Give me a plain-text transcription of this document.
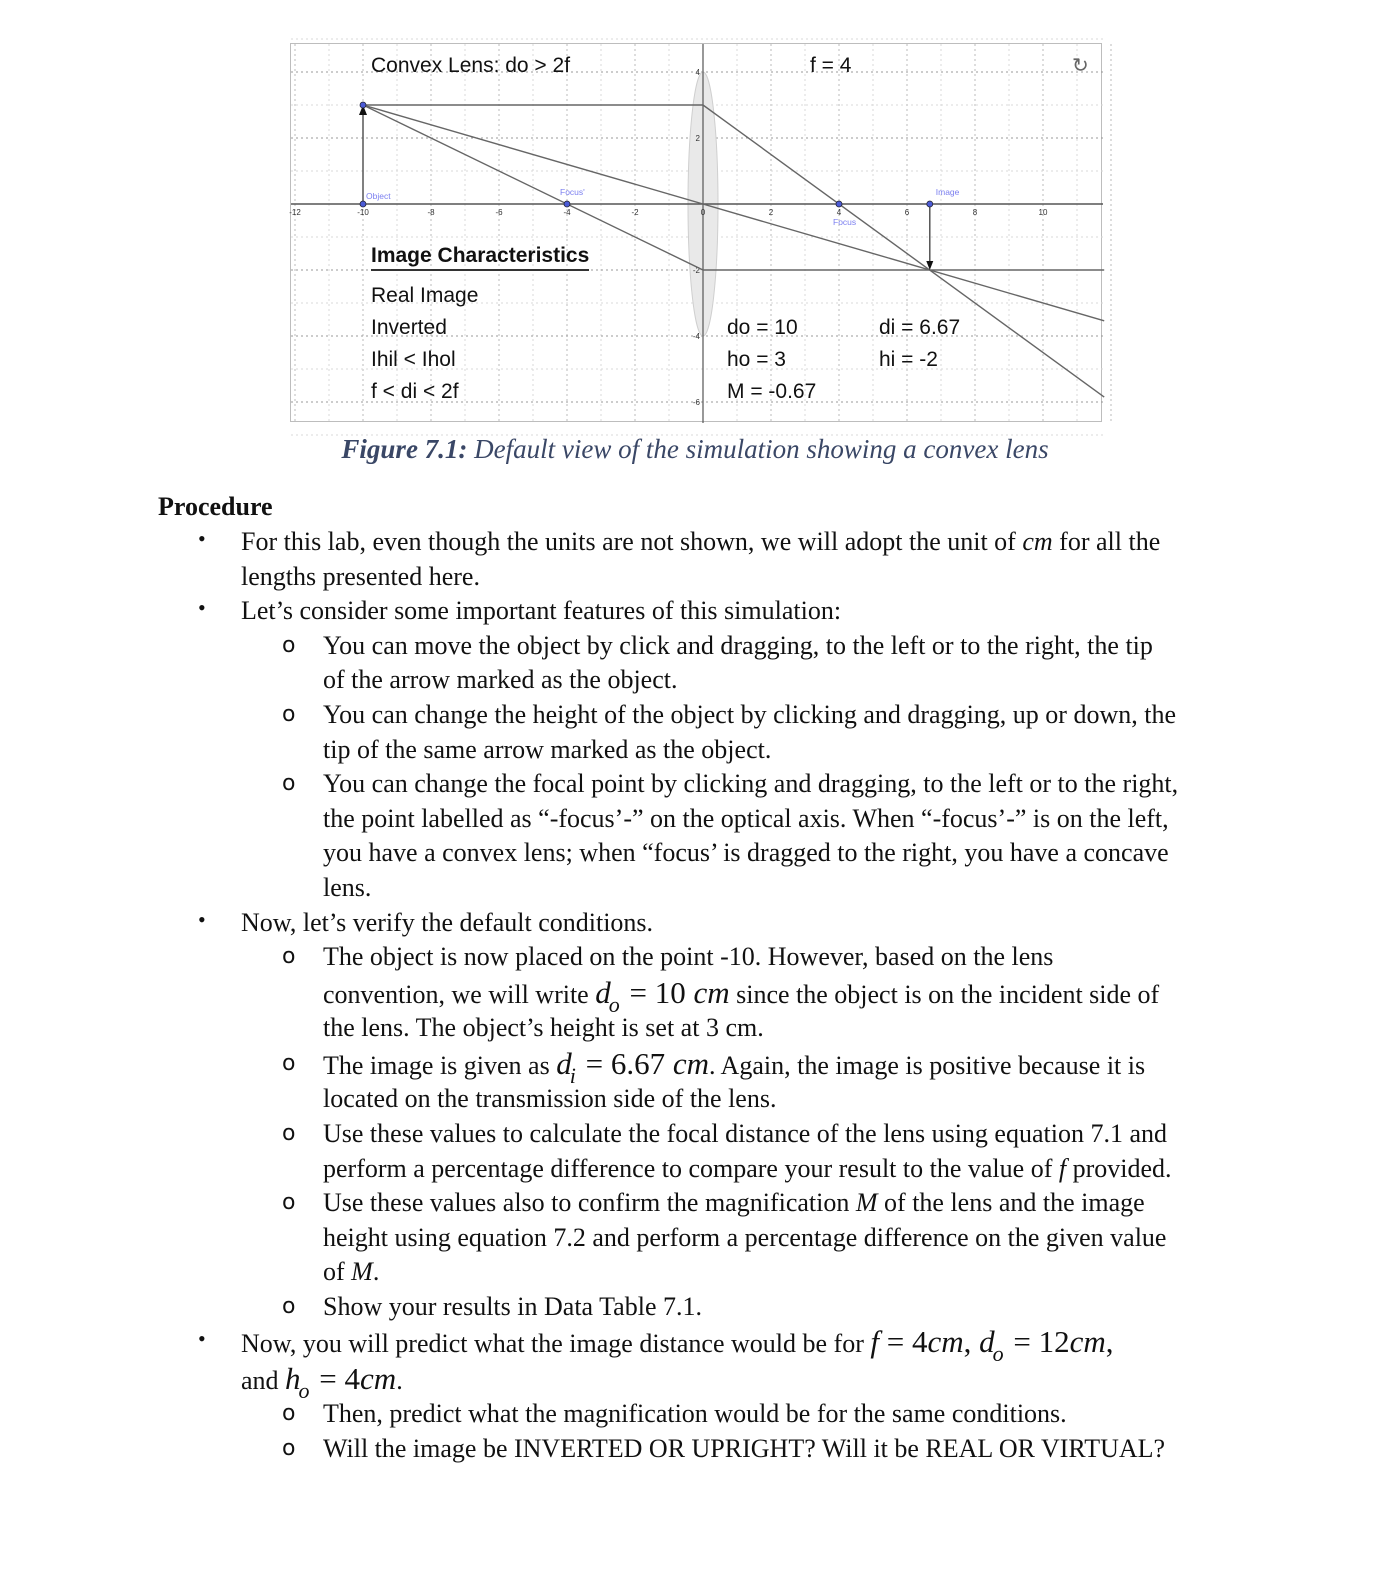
-12	-10	-8	-6	-4	-2	0	2	4	6	8	10
4
2
-2
-4
-6
Object	Focus'
Focus
Image
Convex Lens: do > 2f	f = 4	↻
Image Characteristics
Real Image
Inverted
Ihil < Ihol
f < di < 2f
do = 10
ho = 3
M = -0.67
di = 6.67
hi = -2
Figure 7.1: Default view of the simulation showing a convex lens
Procedure
• For this lab, even though the units are not shown, we will adopt the unit of cm for all the
lengths presented here.
• Let’s consider some important features of this simulation:
o You can move the object by click and dragging, to the left or to the right, the tip
of the arrow marked as the object.
o You can change the height of the object by clicking and dragging, up or down, the
tip of the same arrow marked as the object.
o You can change the focal point by clicking and dragging, to the left or to the right,
the point labelled as “-focus’-” on the optical axis. When “-focus’-” is on the left,
you have a convex lens; when “focus’ is dragged to the right, you have a concave
lens.
• Now, let’s verify the default conditions.
o The object is now placed on the point -10. However, based on the lens
convention, we will write $d_o = 10$ cm since the object is on the incident side of
the lens. The object’s height is set at 3 cm.
o The image is given as $d_i = 6.67$ cm. Again, the image is positive because it is
located on the transmission side of the lens.
o Use these values to calculate the focal distance of the lens using equation 7.1 and
perform a percentage difference to compare your result to the value of f provided.
o Use these values also to confirm the magnification M of the lens and the image
height using equation 7.2 and perform a percentage difference on the given value
of M.
o Show your results in Data Table 7.1.
• Now, you will predict what the image distance would be for f = 4cm, $d_o = 12cm$,
and $h_o = 4cm$.
o Then, predict what the magnification would be for the same conditions.
o Will the image be INVERTED OR UPRIGHT? Will it be REAL OR VIRTUAL?
